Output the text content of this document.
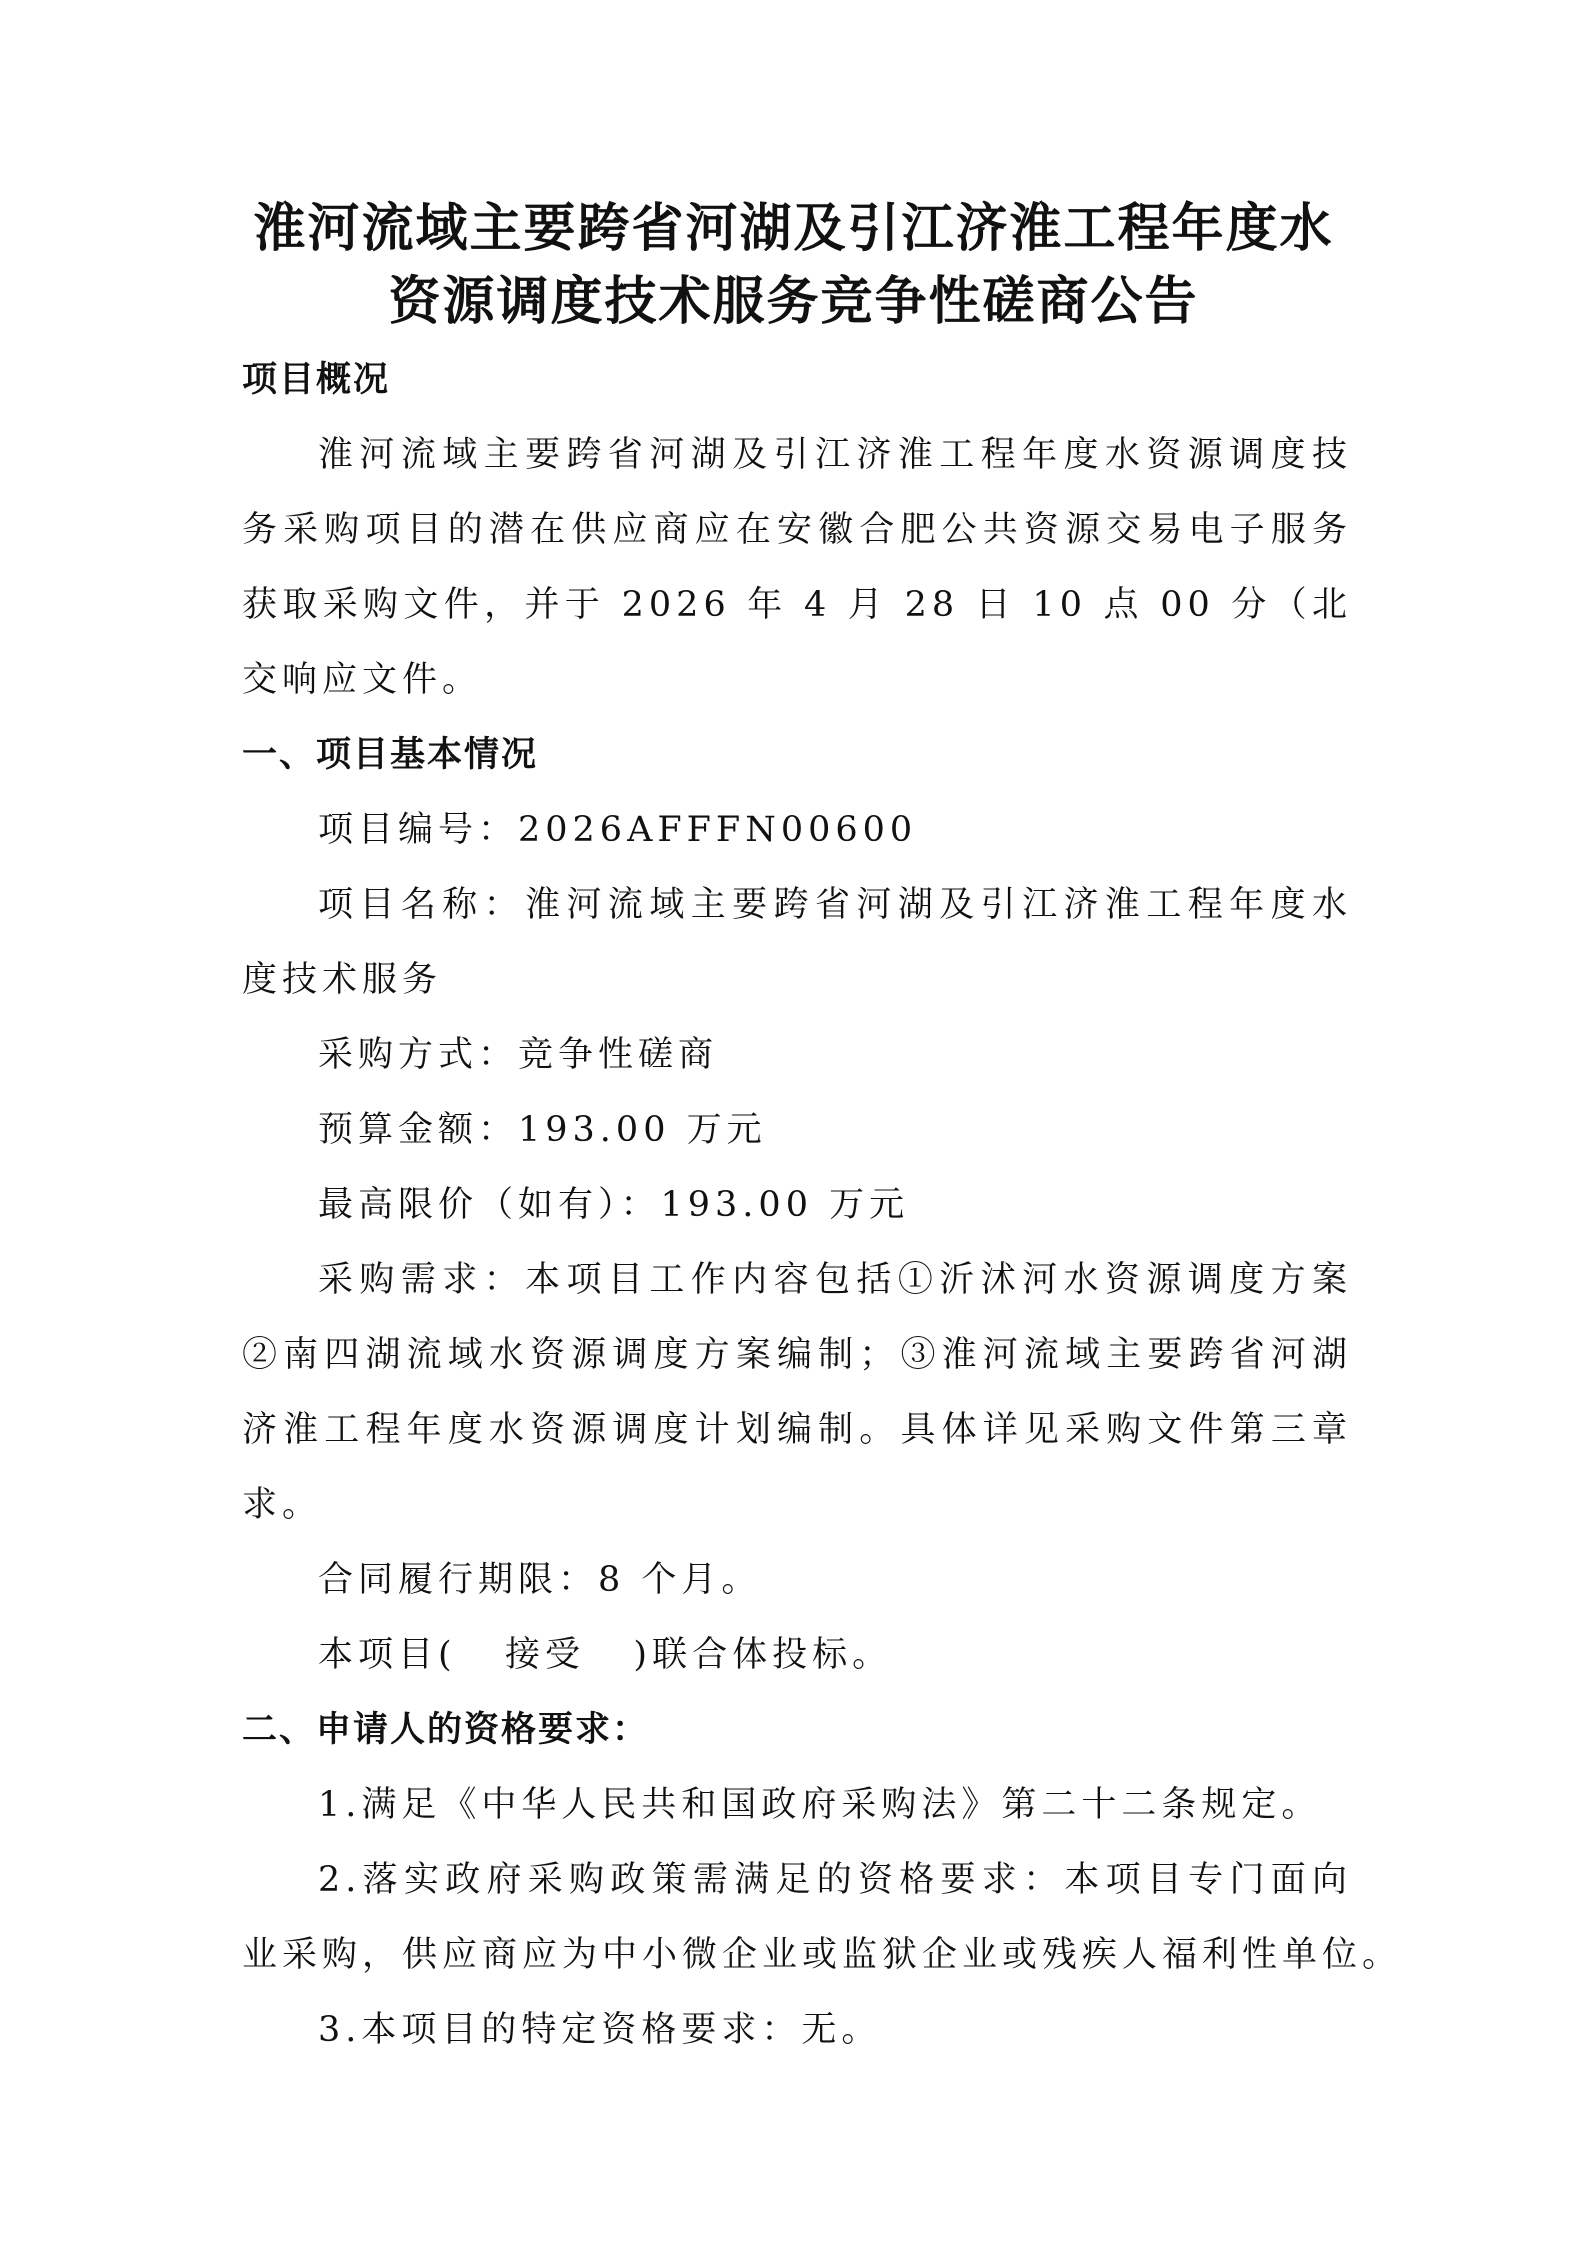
淮河流域主要跨省河湖及引江济淮工程年度水
资源调度技术服务竞争性磋商公告
项目概况
淮河流域主要跨省河湖及引江济淮工程年度水资源调度技
务采购项目的潜在供应商应在安徽合肥公共资源交易电子服务
获取采购文件，并于 2026 年 4 月 28 日 10 点 00 分（北
交响应文件。
一、项目基本情况
项目编号：2026AFFFN00600
项目名称：淮河流域主要跨省河湖及引江济淮工程年度水
度技术服务
采购方式：竞争性磋商
预算金额：193.00 万元
最高限价（如有）：193.00 万元
采购需求：本项目工作内容包括①沂沭河水资源调度方案
②南四湖流域水资源调度方案编制；③淮河流域主要跨省河湖
济淮工程年度水资源调度计划编制。具体详见采购文件第三章
求。
合同履行期限：8 个月。
本项目(   接受   )联合体投标。
二、申请人的资格要求：
1.满足《中华人民共和国政府采购法》第二十二条规定。
2.落实政府采购政策需满足的资格要求：本项目专门面向
业采购，供应商应为中小微企业或监狱企业或残疾人福利性单位。
3.本项目的特定资格要求：无。
